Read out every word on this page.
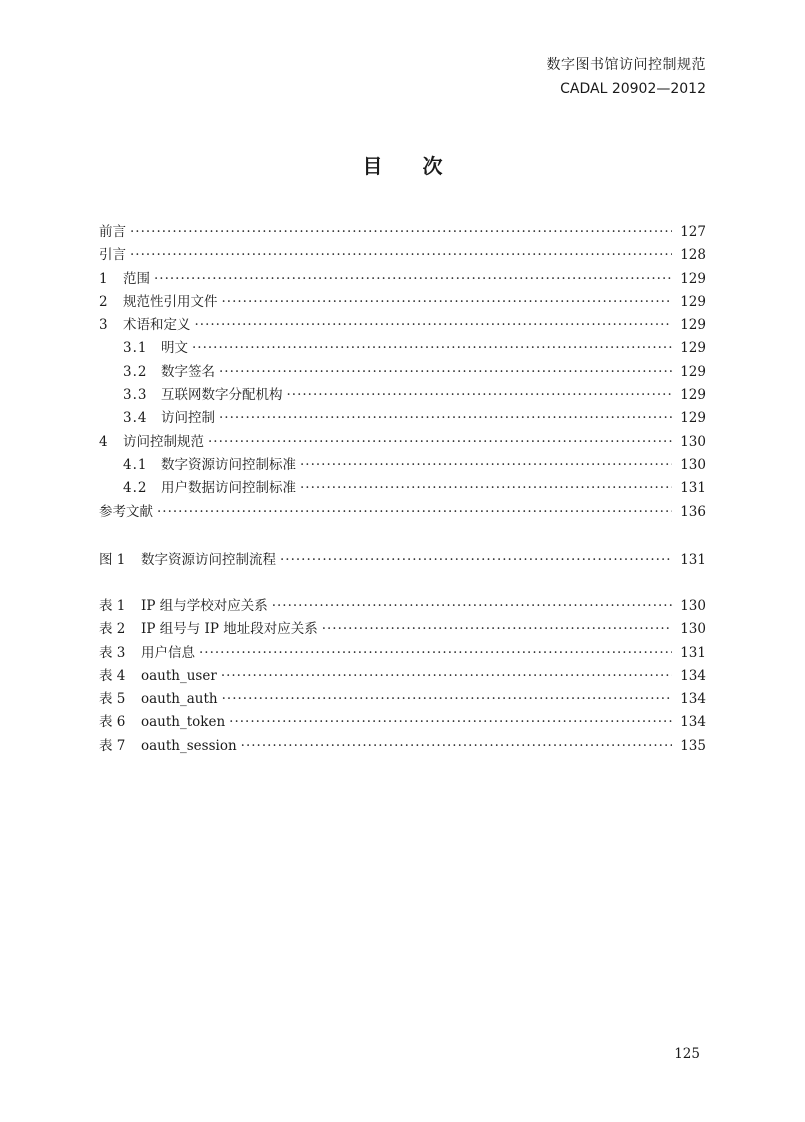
数字图书馆访问控制规范
CADAL 20902—2012
目 次
前言 ·····	127
引言 ·····	128
1	范围 ·····	129
2	规范性引用文件 ·····	129
3	术语和定义 ·····	129
3.1	明文 ·····	129
3.2	数字签名 ·····	129
3.3	互联网数字分配机构 ·····	129
3.4	访问控制 ·····	129
4	访问控制规范 ·····	130
4.1	数字资源访问控制标准 ·····	130
4.2	用户数据访问控制标准 ·····	131
参考文献 ·····	136
图 1	数字资源访问控制流程 ·····	131
表 1	IP 组与学校对应关系 ·····	130
表 2	IP 组号与 IP 地址段对应关系 ·····	130
表 3	用户信息 ·····	131
表 4	oauth_user ·····	134
表 5	oauth_auth ·····	134
表 6	oauth_token ·····	134
表 7	oauth_session ·····	135
125
